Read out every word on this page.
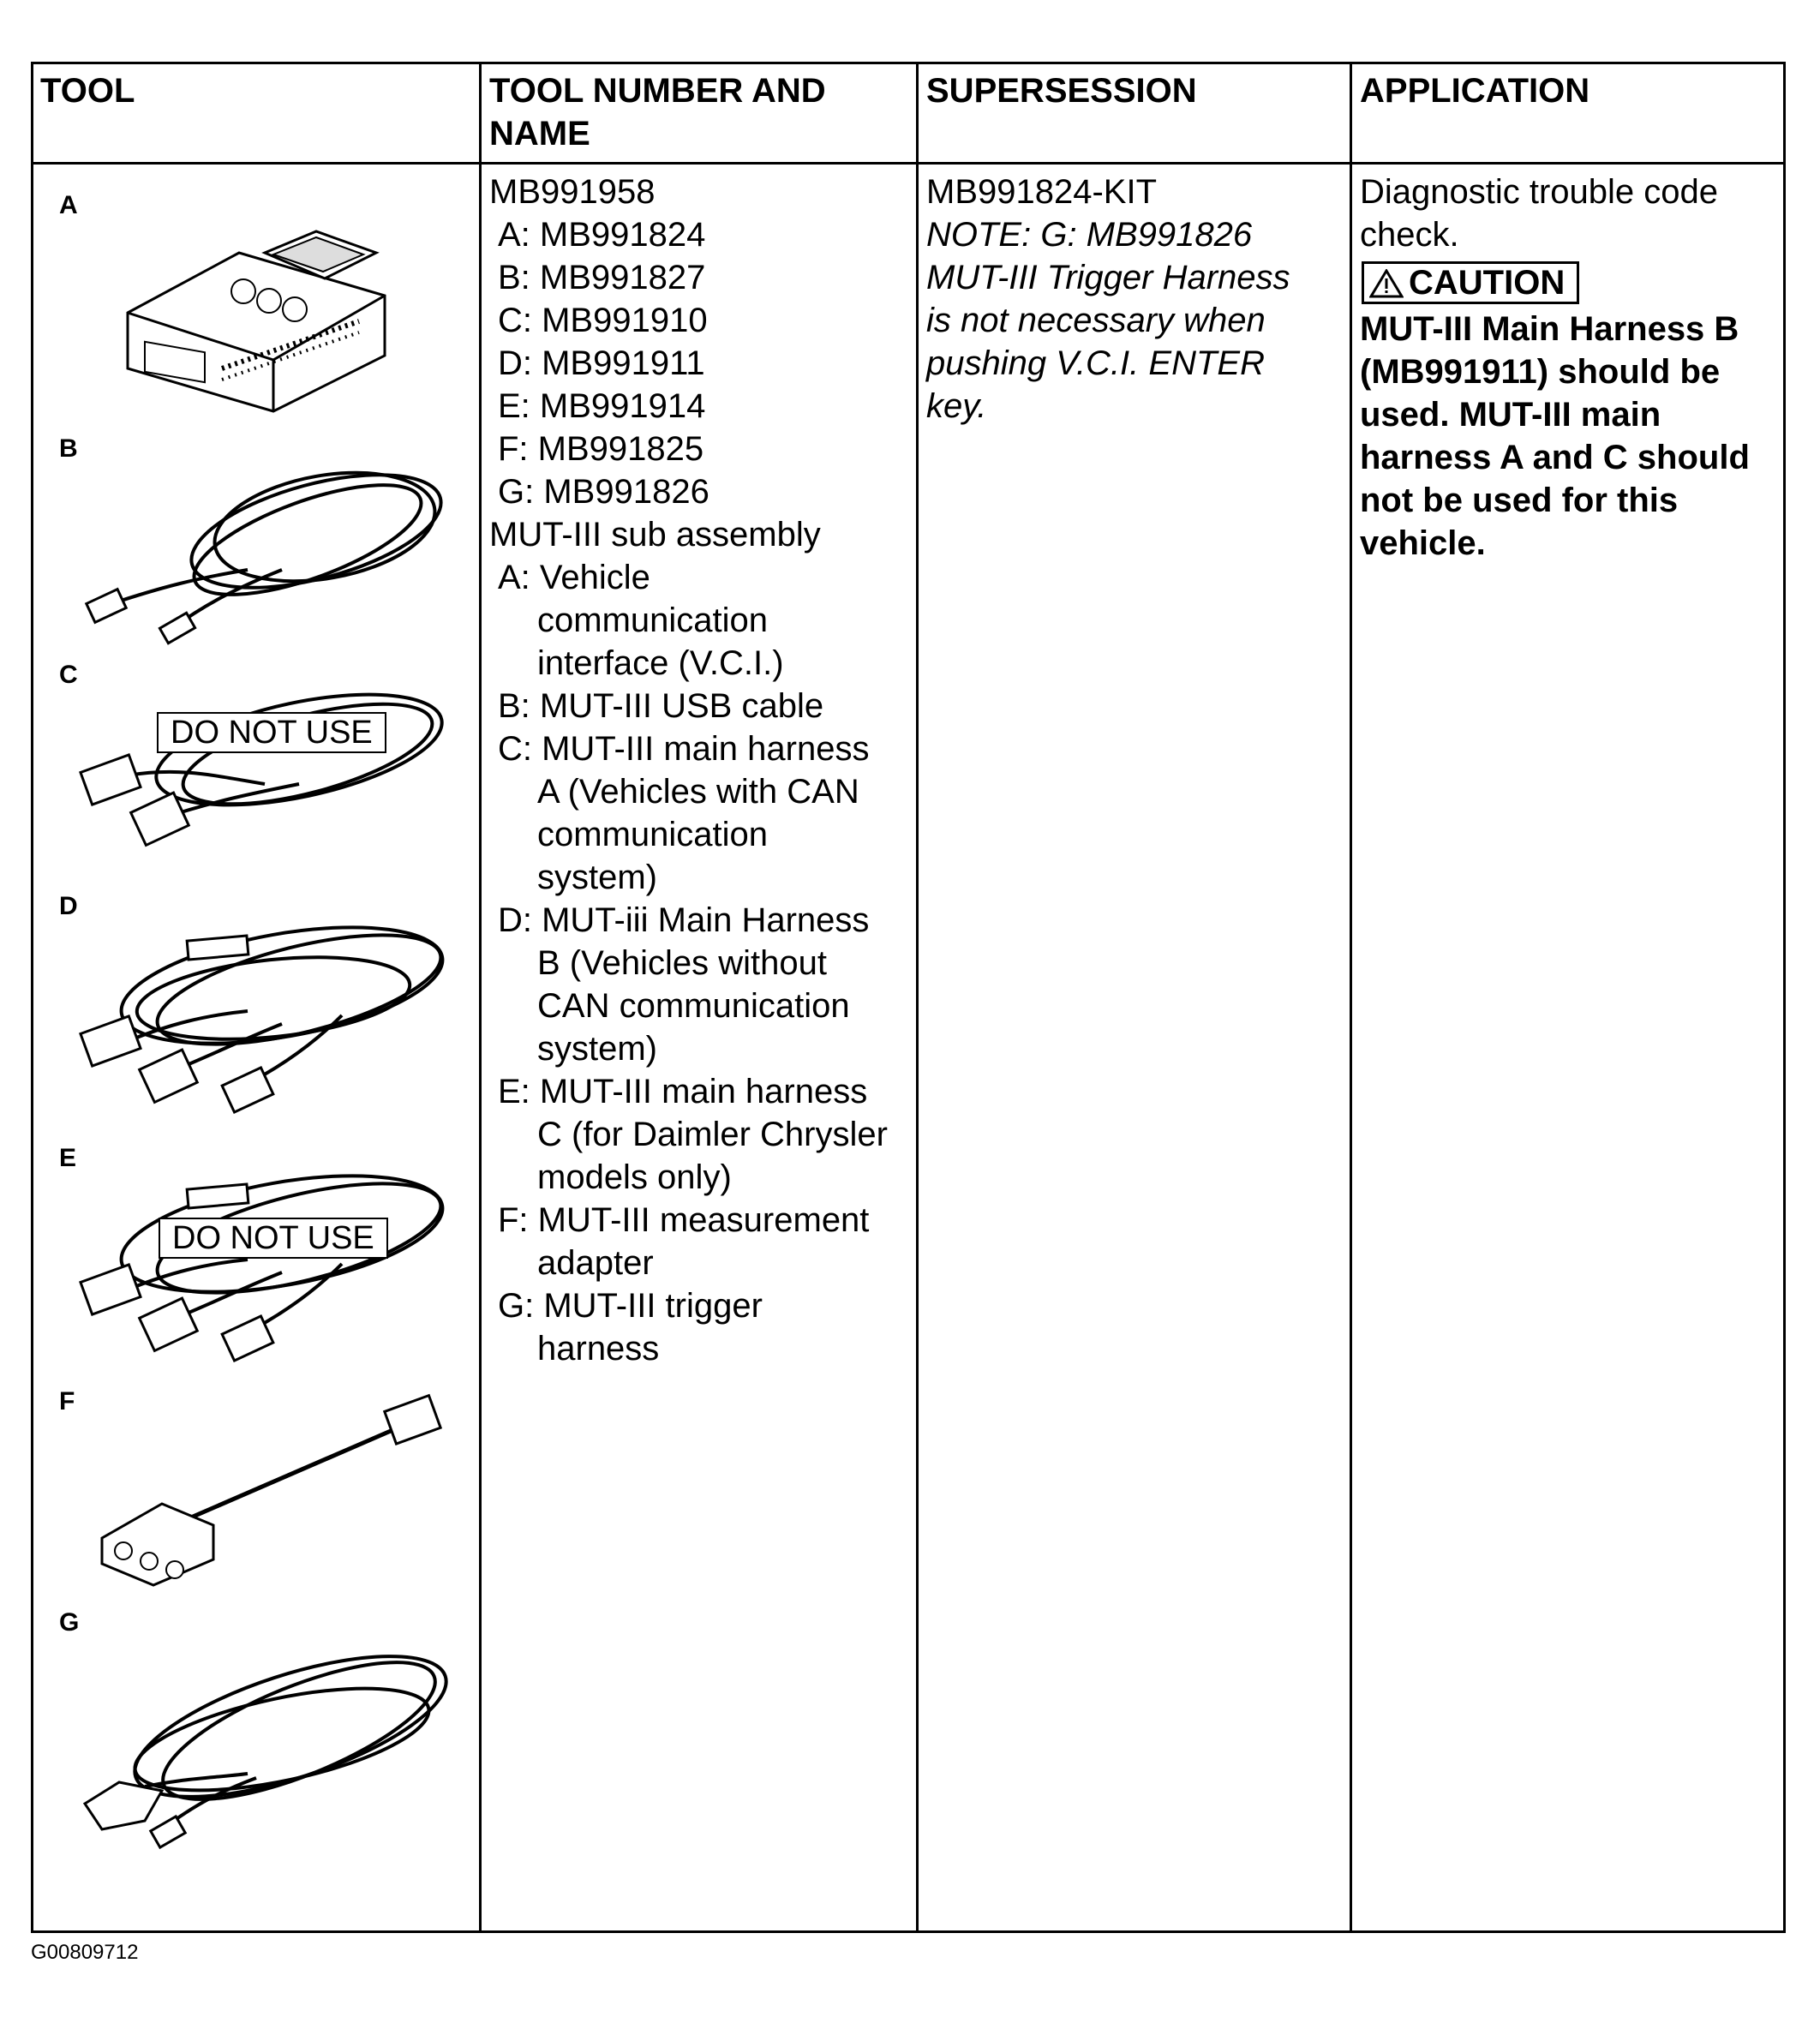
TOOL	TOOL NUMBER AND NAME
SUPERSESSION	APPLICATION
A
B
C
DO NOT USE
D
E
DO NOT USE
F
G
MB991958
A: MB991824
B: MB991827
C: MB991910
D: MB991911
E: MB991914
F: MB991825
G: MB991826
MUT-III sub assembly
A: Vehicle
communication
interface (V.C.I.)
B: MUT-III USB cable
C: MUT-III main harness
A (Vehicles with CAN
communication
system)
D: MUT-iii Main Harness
B (Vehicles without
CAN communication
system)
E: MUT-III main harness
C (for Daimler Chrysler
models only)
F: MUT-III measurement
adapter
G: MUT-III trigger
harness
MB991824-KIT
NOTE: G: MB991826
MUT-III Trigger Harness
is not necessary when
pushing V.C.I. ENTER
key.
Diagnostic trouble code
check.
CAUTION
MUT-III Main Harness B
(MB991911) should be
used. MUT-III main
harness A and C should
not be used for this
vehicle.
G00809712
